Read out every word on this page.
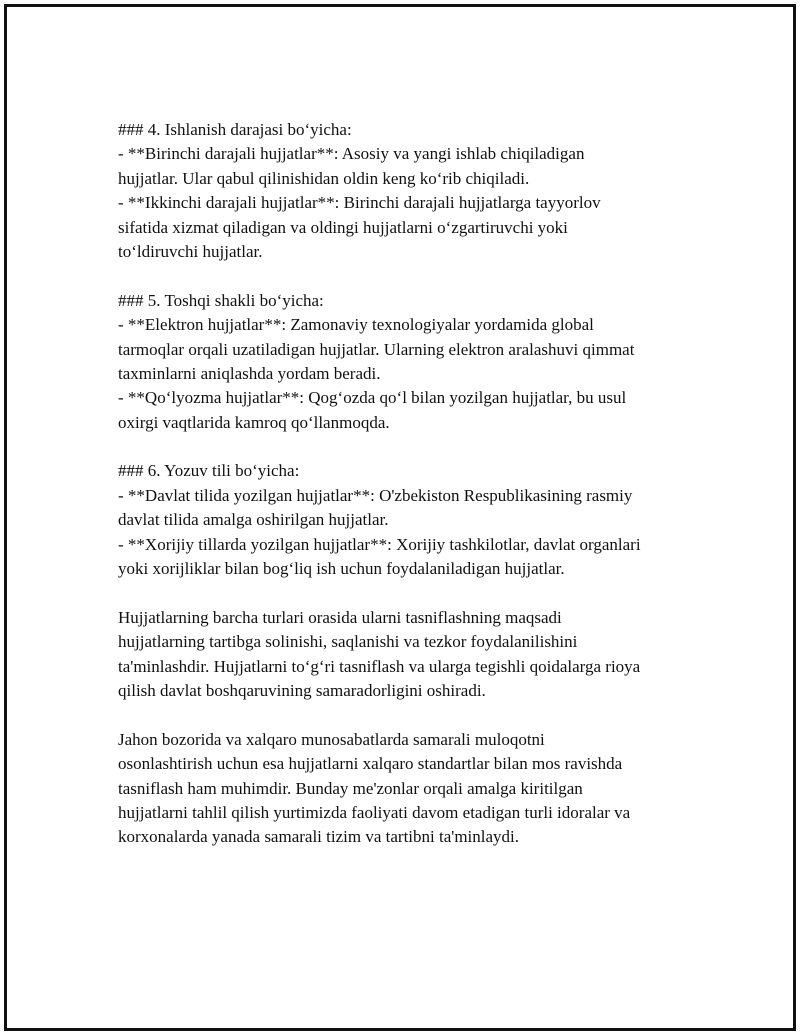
### 4. Ishlanish darajasi bo‘yicha:
- **Birinchi darajali hujjatlar**: Asosiy va yangi ishlab chiqiladigan
hujjatlar. Ular qabul qilinishidan oldin keng ko‘rib chiqiladi.
- **Ikkinchi darajali hujjatlar**: Birinchi darajali hujjatlarga tayyorlov
sifatida xizmat qiladigan va oldingi hujjatlarni o‘zgartiruvchi yoki
to‘ldiruvchi hujjatlar.
### 5. Toshqi shakli bo‘yicha:
- **Elektron hujjatlar**: Zamonaviy texnologiyalar yordamida global
tarmoqlar orqali uzatiladigan hujjatlar. Ularning elektron aralashuvi qimmat
taxminlarni aniqlashda yordam beradi.
- **Qo‘lyozma hujjatlar**: Qog‘ozda qo‘l bilan yozilgan hujjatlar, bu usul
oxirgi vaqtlarida kamroq qo‘llanmoqda.
### 6. Yozuv tili bo‘yicha:
- **Davlat tilida yozilgan hujjatlar**: O'zbekiston Respublikasining rasmiy
davlat tilida amalga oshirilgan hujjatlar.
- **Xorijiy tillarda yozilgan hujjatlar**: Xorijiy tashkilotlar, davlat organlari
yoki xorijliklar bilan bog‘liq ish uchun foydalaniladigan hujjatlar.
Hujjatlarning barcha turlari orasida ularni tasniflashning maqsadi
hujjatlarning tartibga solinishi, saqlanishi va tezkor foydalanilishini
ta'minlashdir. Hujjatlarni to‘g‘ri tasniflash va ularga tegishli qoidalarga rioya
qilish davlat boshqaruvining samaradorligini oshiradi.
Jahon bozorida va xalqaro munosabatlarda samarali muloqotni
osonlashtirish uchun esa hujjatlarni xalqaro standartlar bilan mos ravishda
tasniflash ham muhimdir. Bunday me'zonlar orqali amalga kiritilgan
hujjatlarni tahlil qilish yurtimizda faoliyati davom etadigan turli idoralar va
korxonalarda yanada samarali tizim va tartibni ta'minlaydi.
